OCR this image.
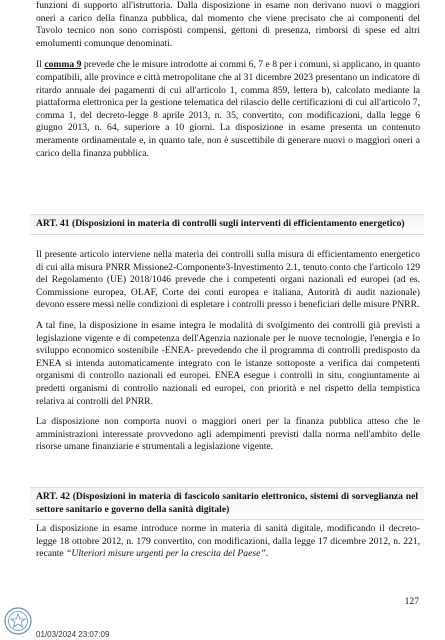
funzioni di supporto all'istruttoria. Dalla disposizione in esame non derivano nuovi o maggiori oneri a carico della finanza pubblica, dal momento che viene precisato che ai componenti del Tavolo tecnico non sono corrisposti compensi, gettoni di presenza, rimborsi di spese ed altri emolumenti comunque denominati.

Il comma 9 prevede che le misure introdotte ai commi 6, 7 e 8 per i comuni, si applicano, in quanto compatibili, alle province e città metropolitane che al 31 dicembre 2023 presentano un indicatore di ritardo annuale dei pagamenti di cui all'articolo 1, comma 859, lettera b), calcolato mediante la piattaforma elettronica per la gestione telematica del rilascio delle certificazioni di cui all'articolo 7, comma 1, del decreto-legge 8 aprile 2013, n. 35, convertito, con modificazioni, dalla legge 6 giugno 2013, n. 64, superiore a 10 giorni. La disposizione in esame presenta un contenuto meramente ordinamentale e, in quanto tale, non è suscettibile di generare nuovi o maggiori oneri a carico della finanza pubblica.

ART. 41 (Disposizioni in materia di controlli sugli interventi di efficientamento energetico)

Il presente articolo interviene nella materia dei controlli sulla misura di efficientamento energetico di cui alla misura PNRR Missione2-Componente3-Investimento 2.1, tenuto conto che l'articolo 129 del Regolamento (UE) 2018/1046 prevede che i competenti organi nazionali ed europei (ad es. Commissione europea, OLAF, Corte dei conti europea e italiana, Autorità di audit nazionale) devono essere messi nelle condizioni di espletare i controlli presso i beneficiari delle misure PNRR.

A tal fine, la disposizione in esame integra le modalità di svolgimento dei controlli già previsti a legislazione vigente e di competenza dell'Agenzia nazionale per le nuove tecnologie, l'energia e lo sviluppo economico sostenibile -ENEA- prevedendo che il programma di controlli predisposto da ENEA si intenda automaticamente integrato con le istanze sottoposte a verifica dai competenti organismi di controllo nazionali ed europei. ENEA esegue i controlli in situ, congiuntamente ai predetti organismi di controllo nazionali ed europei, con priorità e nel rispetto della tempistica relativa ai controlli del PNRR.

La disposizione non comporta nuovi o maggiori oneri per la finanza pubblica atteso che le amministrazioni interessate provvedono agli adempimenti previsti dalla norma nell'ambito delle risorse umane finanziarie e strumentali a legislazione vigente.

ART. 42 (Disposizioni in materia di fascicolo sanitario elettronico, sistemi di sorveglianza nel settore sanitario e governo della sanità digitale)

La disposizione in esame introduce norme in materia di sanità digitale, modificando il decreto-legge 18 ottobre 2012, n. 179 convertito, con modificazioni, dalla legge 17 dicembre 2012, n. 221, recante “Ulteriori misure urgenti per la crescita del Paese”.

127
01/03/2024 23:07:09
